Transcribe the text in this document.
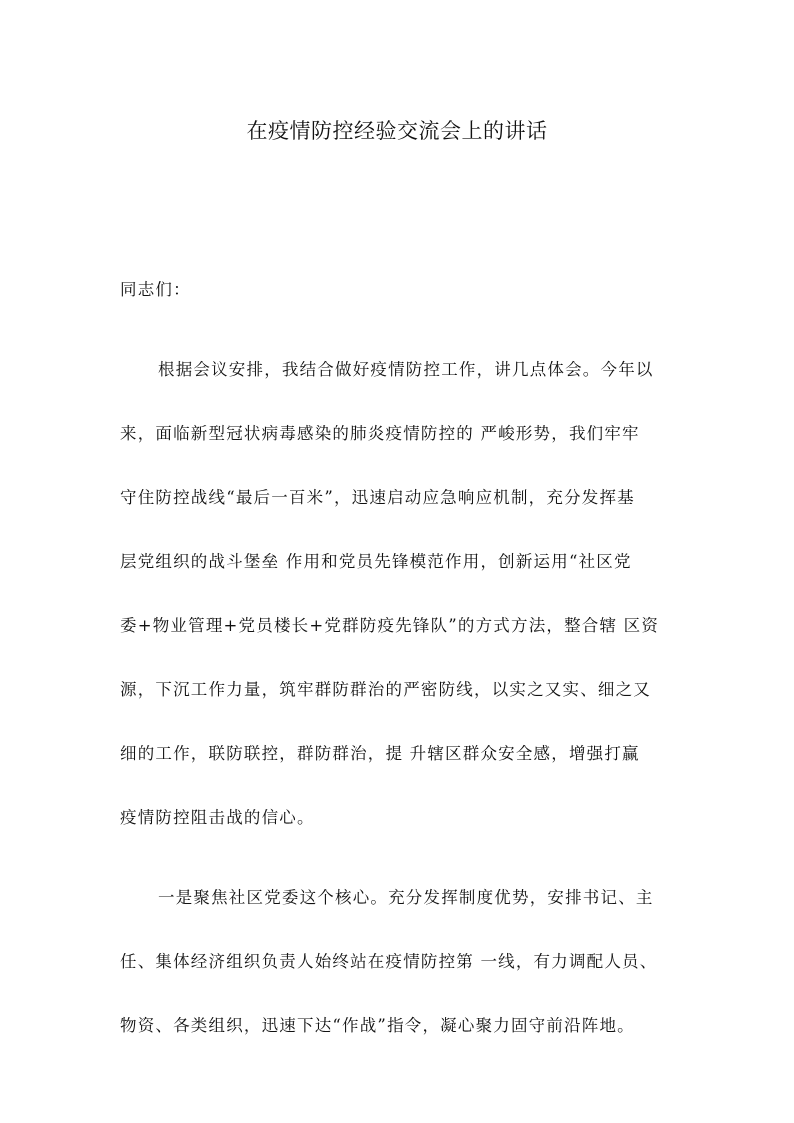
在疫情防控经验交流会上的讲话

同志们：

根据会议安排，我结合做好疫情防控工作，讲几点体会。今年以

来，面临新型冠状病毒感染的肺炎疫情防控的 严峻形势，我们牢牢

守住防控战线“最后一百米”，迅速启动应急响应机制，充分发挥基

层党组织的战斗堡垒 作用和党员先锋模范作用，创新运用“社区党

委+物业管理+党员楼长+党群防疫先锋队”的方式方法，整合辖 区资

源，下沉工作力量，筑牢群防群治的严密防线，以实之又实、细之又

细的工作，联防联控，群防群治，提 升辖区群众安全感，增强打赢

疫情防控阻击战的信心。

一是聚焦社区党委这个核心。充分发挥制度优势，安排书记、主

任、集体经济组织负责人始终站在疫情防控第 一线，有力调配人员、

物资、各类组织，迅速下达“作战”指令，凝心聚力固守前沿阵地。
